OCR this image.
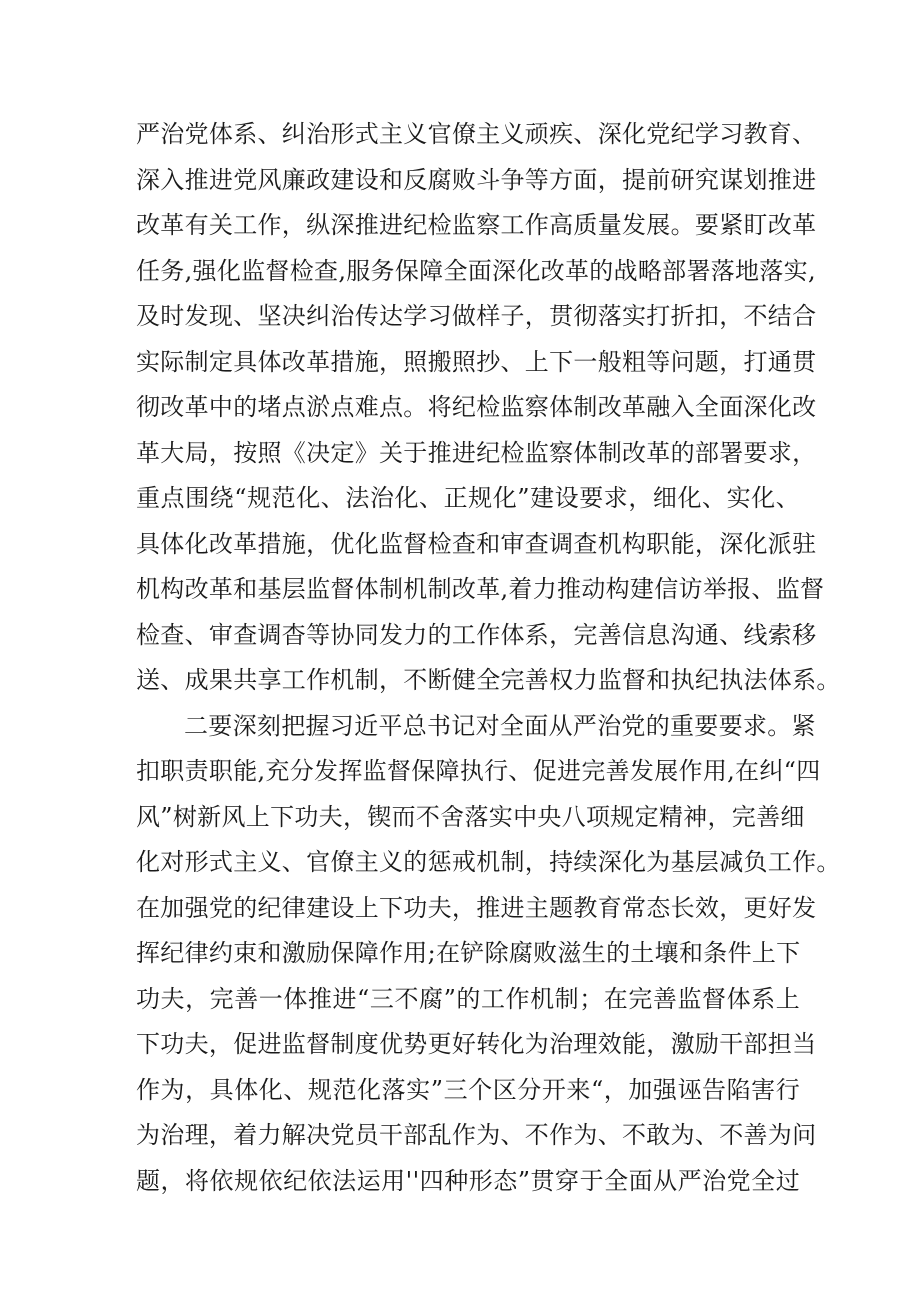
严治党体系、纠治形式主义官僚主义顽疾、深化党纪学习教育、
深入推进党风廉政建设和反腐败斗争等方面，提前研究谋划推进
改革有关工作，纵深推进纪检监察工作高质量发展。要紧盯改革
任务,强化监督检查,服务保障全面深化改革的战略部署落地落实,
及时发现、坚决纠治传达学习做样子，贯彻落实打折扣，不结合
实际制定具体改革措施，照搬照抄、上下一般粗等问题，打通贯
彻改革中的堵点淤点难点。将纪检监察体制改革融入全面深化改
革大局，按照《决定》关于推进纪检监察体制改革的部署要求，
重点围绕“规范化、法治化、正规化”建设要求，细化、实化、
具体化改革措施，优化监督检查和审查调查机构职能，深化派驻
机构改革和基层监督体制机制改革,着力推动构建信访举报、监督
检查、审查调杳等协同发力的工作体系，完善信息沟通、线索移
送、成果共享工作机制，不断健全完善权力监督和执纪执法体系。
二要深刻把握习近平总书记对全面从严治党的重要要求。紧
扣职责职能,充分发挥监督保障执行、促进完善发展作用,在纠“四
风”树新风上下功夫，锲而不舍落实中央八项规定精神，完善细
化对形式主义、官僚主义的惩戒机制，持续深化为基层减负工作。
在加强党的纪律建设上下功夫，推进主题教育常态长效，更好发
挥纪律约束和激励保障作用;在铲除腐败滋生的土壤和条件上下
功夫，完善一体推进“三不腐”的工作机制；在完善监督体系上
下功夫，促进监督制度优势更好转化为治理效能，激励干部担当
作为，具体化、规范化落实”三个区分开来“，加强诬告陷害行
为治理，着力解决党员干部乱作为、不作为、不敢为、不善为问
题，将依规依纪依法运用''四种形态”贯穿于全面从严治党全过
